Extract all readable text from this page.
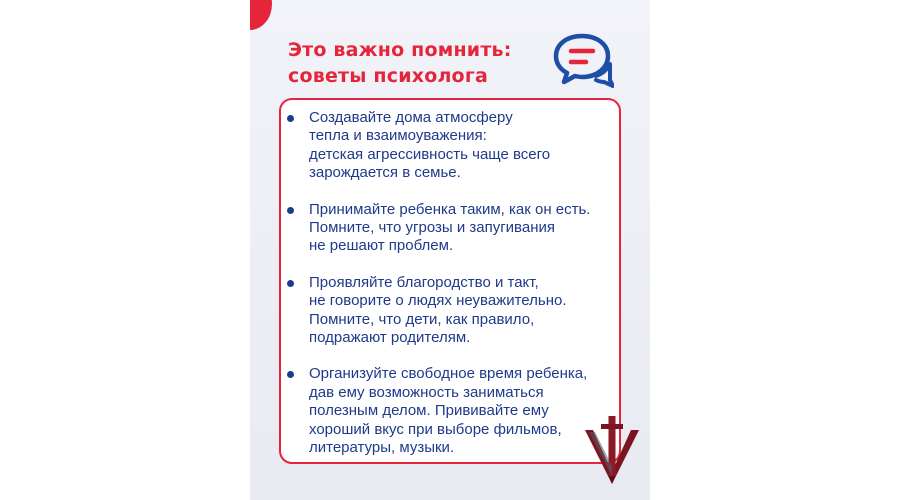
Это важно помнить:
советы психолога
Создавайте дома атмосферу
тепла и взаимоуважения:
детская агрессивность чаще всего
зарождается в семье.
Принимайте ребенка таким, как он есть.
Помните, что угрозы и запугивания
не решают проблем.
Проявляйте благородство и такт,
не говорите о людях неуважительно.
Помните, что дети, как правило,
подражают родителям.
Организуйте свободное время ребенка,
дав ему возможность заниматься
полезным делом. Прививайте ему
хороший вкус при выборе фильмов,
литературы, музыки.
